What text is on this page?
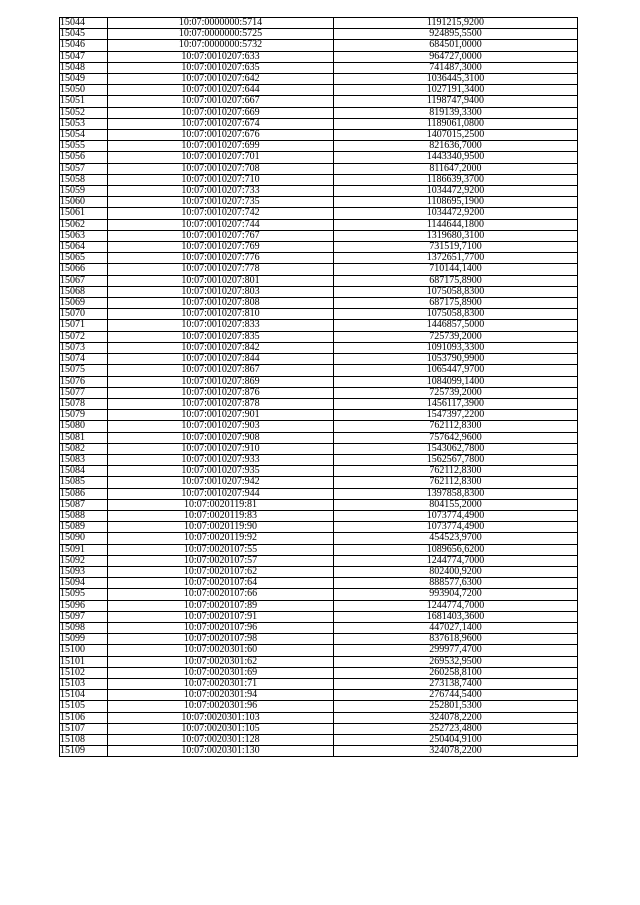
15044	10:07:0000000:5714	1191215,9200
15045	10:07:0000000:5725	924895,5500
15046	10:07:0000000:5732	684501,0000
15047	10:07:0010207:633	964727,0000
15048	10:07:0010207:635	741487,3000
15049	10:07:0010207:642	1036445,3100
15050	10:07:0010207:644	1027191,3400
15051	10:07:0010207:667	1198747,9400
15052	10:07:0010207:669	819139,3300
15053	10:07:0010207:674	1189061,0800
15054	10:07:0010207:676	1407015,2500
15055	10:07:0010207:699	821636,7000
15056	10:07:0010207:701	1443340,9500
15057	10:07:0010207:708	811647,2000
15058	10:07:0010207:710	1186639,3700
15059	10:07:0010207:733	1034472,9200
15060	10:07:0010207:735	1108695,1900
15061	10:07:0010207:742	1034472,9200
15062	10:07:0010207:744	1144644,1800
15063	10:07:0010207:767	1319680,3100
15064	10:07:0010207:769	731519,7100
15065	10:07:0010207:776	1372651,7700
15066	10:07:0010207:778	710144,1400
15067	10:07:0010207:801	687175,8900
15068	10:07:0010207:803	1075058,8300
15069	10:07:0010207:808	687175,8900
15070	10:07:0010207:810	1075058,8300
15071	10:07:0010207:833	1446857,5000
15072	10:07:0010207:835	725739,2000
15073	10:07:0010207:842	1091093,3300
15074	10:07:0010207:844	1053790,9900
15075	10:07:0010207:867	1065447,9700
15076	10:07:0010207:869	1084099,1400
15077	10:07:0010207:876	725739,2000
15078	10:07:0010207:878	1456117,3900
15079	10:07:0010207:901	1547397,2200
15080	10:07:0010207:903	762112,8300
15081	10:07:0010207:908	757642,9600
15082	10:07:0010207:910	1543062,7800
15083	10:07:0010207:933	1562567,7800
15084	10:07:0010207:935	762112,8300
15085	10:07:0010207:942	762112,8300
15086	10:07:0010207:944	1397858,8300
15087	10:07:0020119:81	804155,2000
15088	10:07:0020119:83	1073774,4900
15089	10:07:0020119:90	1073774,4900
15090	10:07:0020119:92	454523,9700
15091	10:07:0020107:55	1089656,6200
15092	10:07:0020107:57	1244774,7000
15093	10:07:0020107:62	802400,9200
15094	10:07:0020107:64	888577,6300
15095	10:07:0020107:66	993904,7200
15096	10:07:0020107:89	1244774,7000
15097	10:07:0020107:91	1681403,3600
15098	10:07:0020107:96	447027,1400
15099	10:07:0020107:98	837618,9600
15100	10:07:0020301:60	299977,4700
15101	10:07:0020301:62	269532,9500
15102	10:07:0020301:69	260258,8100
15103	10:07:0020301:71	273138,7400
15104	10:07:0020301:94	276744,5400
15105	10:07:0020301:96	252801,5300
15106	10:07:0020301:103	324078,2200
15107	10:07:0020301:105	252723,4800
15108	10:07:0020301:128	250404,9100
15109	10:07:0020301:130	324078,2200
